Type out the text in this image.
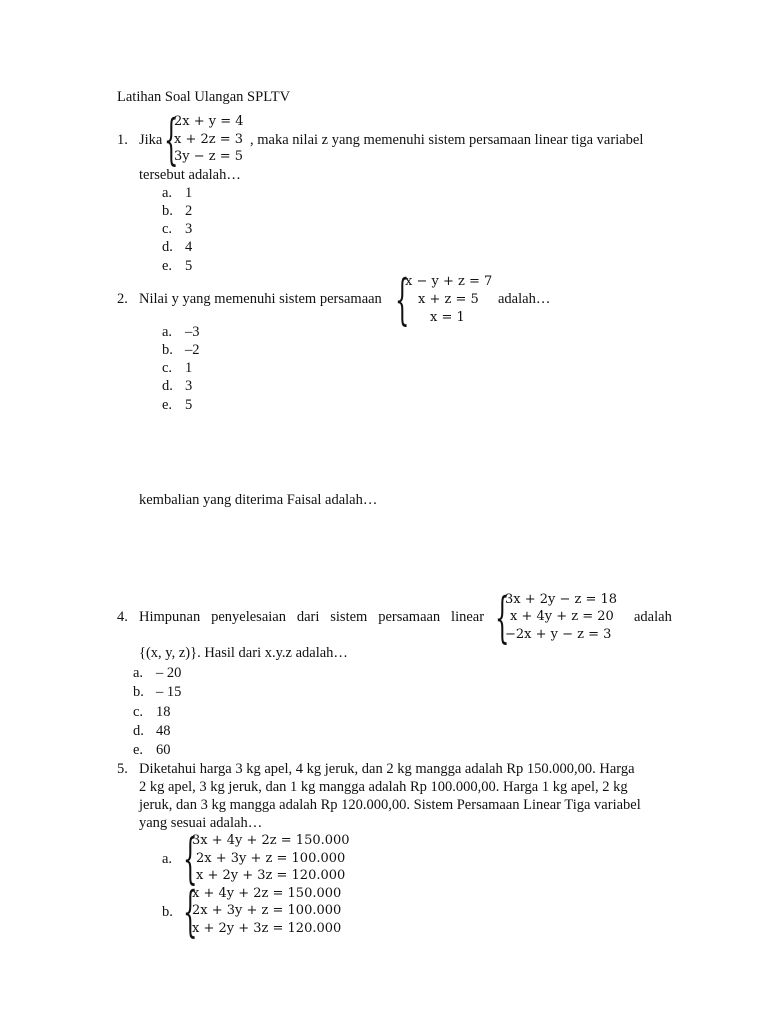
Latihan Soal Ulangan SPLTV
1. Jika {
2x + y = 4
x + 2z = 3
3y − z = 5
, maka nilai z yang memenuhi sistem persamaan linear tiga variabel
tersebut adalah…
a. 1
b. 2
c. 3
d. 4
e. 5
2. Nilai y yang memenuhi sistem persamaan {
x − y + z = 7
x + z = 5
x = 1
adalah…
a. –3
b. –2
c. 1
d. 3
e. 5
kembalian yang diterima Faisal adalah…
4. Himpunan   penyelesaian   dari   sistem   persamaan   linear {
3x + 2y − z = 18
x + 4y + z = 20
−2x + y − z = 3
adalah
{(x, y, z)}. Hasil dari x.y.z adalah…
a. – 20
b. – 15
c. 18
d. 48
e. 60
5. Diketahui harga 3 kg apel, 4 kg jeruk, dan 2 kg mangga adalah Rp 150.000,00. Harga
2 kg apel, 3 kg jeruk, dan 1 kg mangga adalah Rp 100.000,00. Harga 1 kg apel, 2 kg
jeruk, dan 3 kg mangga adalah Rp 120.000,00. Sistem Persamaan Linear Tiga variabel
yang sesuai adalah…
a. {
3x + 4y + 2z = 150.000
2x + 3y + z = 100.000
x + 2y + 3z = 120.000
b. {
x + 4y + 2z = 150.000
2x + 3y + z = 100.000
x + 2y + 3z = 120.000
